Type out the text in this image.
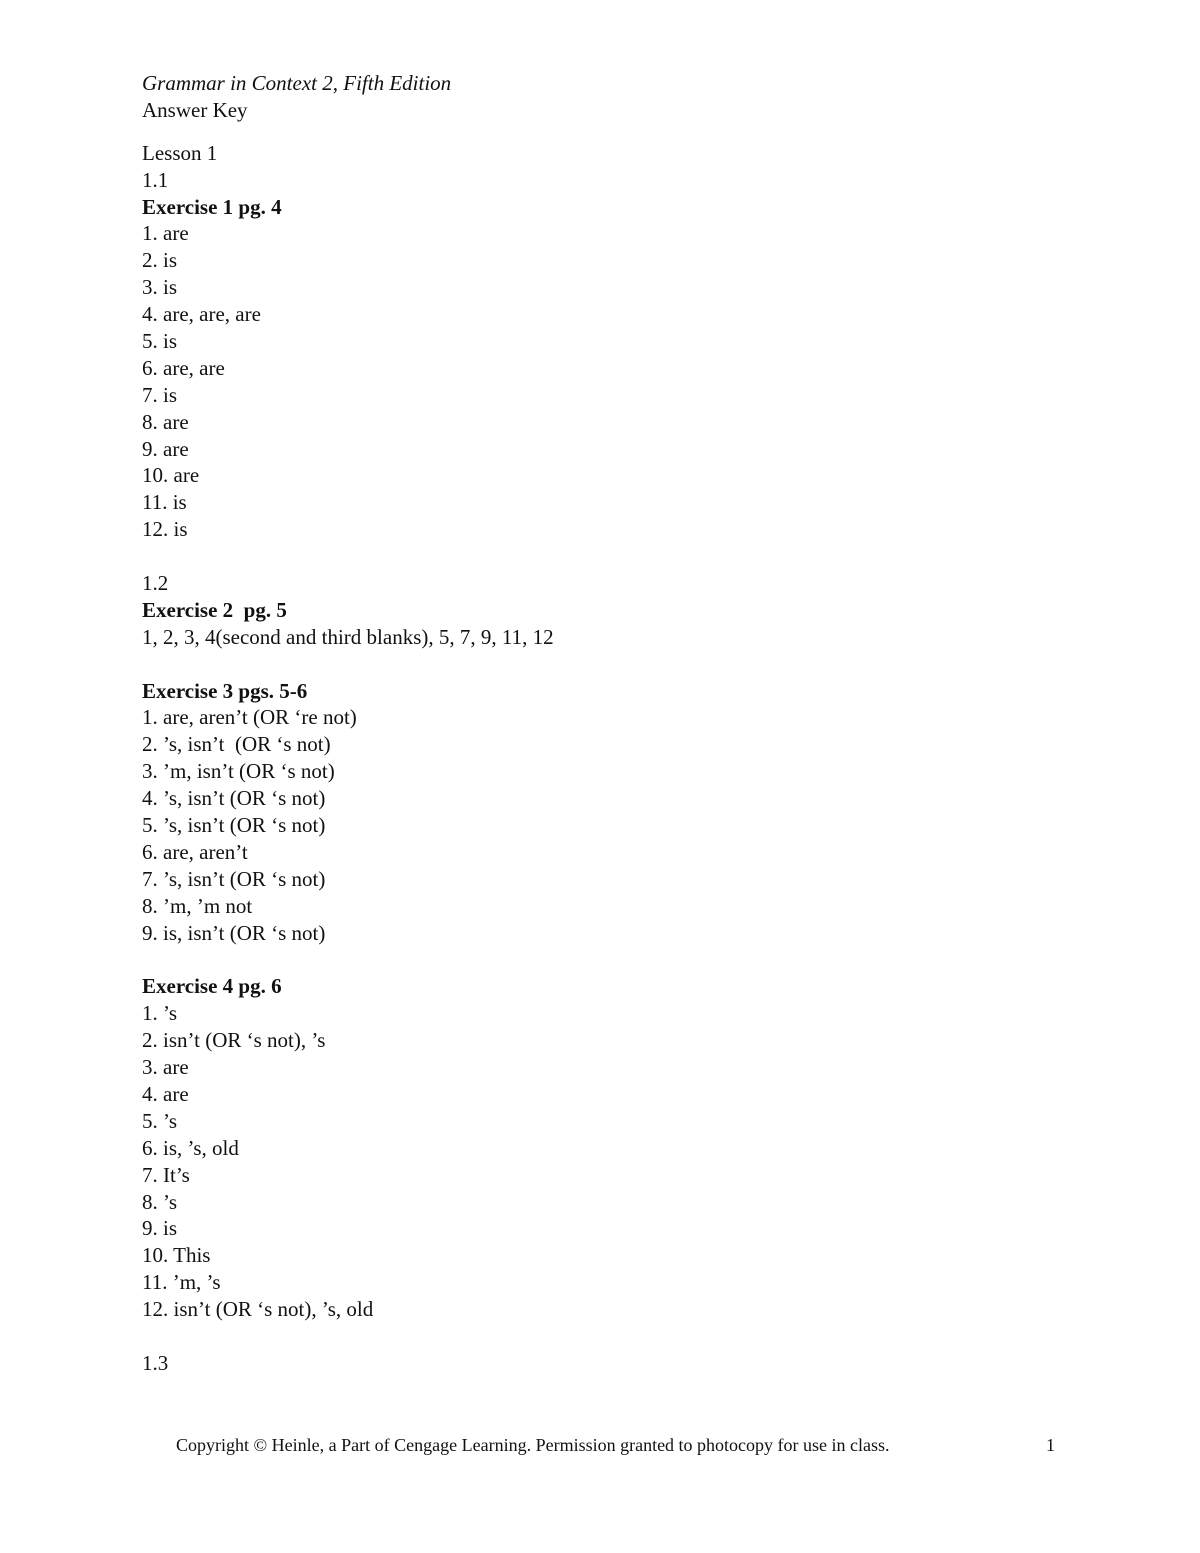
Grammar in Context 2, Fifth Edition
Answer Key
Lesson 1
1.1
Exercise 1 pg. 4
1. are
2. is
3. is
4. are, are, are
5. is
6. are, are
7. is
8. are
9. are
10. are
11. is
12. is
1.2
Exercise 2  pg. 5
1, 2, 3, 4(second and third blanks), 5, 7, 9, 11, 12
Exercise 3 pgs. 5-6
1. are, aren’t (OR ‘re not)
2. ’s, isn’t  (OR ‘s not)
3. ’m, isn’t (OR ‘s not)
4. ’s, isn’t (OR ‘s not)
5. ’s, isn’t (OR ‘s not)
6. are, aren’t
7. ’s, isn’t (OR ‘s not)
8. ’m, ’m not
9. is, isn’t (OR ‘s not)
Exercise 4 pg. 6
1. ’s
2. isn’t (OR ‘s not), ’s
3. are
4. are
5. ’s
6. is, ’s, old
7. It’s
8. ’s
9. is
10. This
11. ’m, ’s
12. isn’t (OR ‘s not), ’s, old
1.3
Copyright © Heinle, a Part of Cengage Learning. Permission granted to photocopy for use in class.	1
